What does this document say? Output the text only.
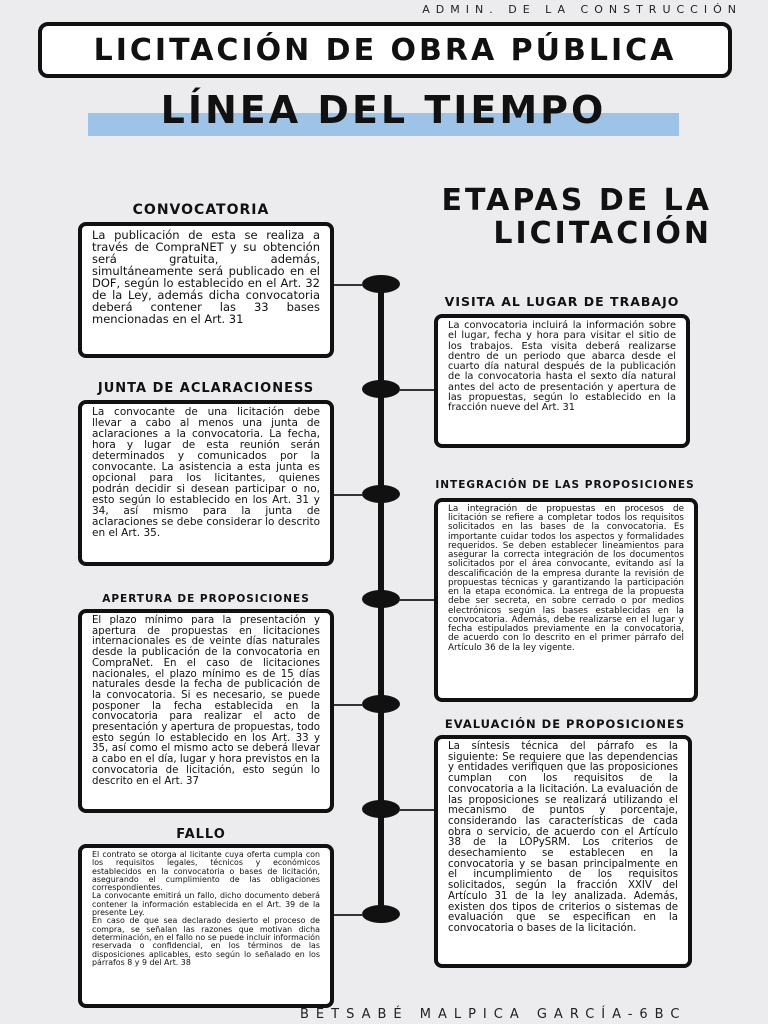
ADMIN. DE LA CONSTRUCCIÓN
LICITACIÓN DE OBRA PÚBLICA
LÍNEA DEL TIEMPO
ETAPAS DE LA
LICITACIÓN
CONVOCATORIA

La publicación de esta se realiza a través de CompraNET y su obtención será gratuita, además, simultáneamente será publicado en el DOF, según lo establecido en el Art. 32 de la Ley, además dicha convocatoria deberá contener las 33 bases mencionadas en el Art. 31

JUNTA DE ACLARACIONESS

La convocante de una licitación debe llevar a cabo al menos una junta de aclaraciones a la convocatoria. La fecha, hora y lugar de esta reunión serán determinados y comunicados por la convocante. La asistencia a esta junta es opcional para los licitantes, quienes podrán decidir si desean participar o no, esto según lo establecido en los Art. 31 y 34, así mismo para la junta de aclaraciones se debe considerar lo descrito en el Art. 35.

APERTURA DE PROPOSICIONES

El plazo mínimo para la presentación y apertura de propuestas en licitaciones internacionales es de veinte días naturales desde la publicación de la convocatoria en CompraNet. En el caso de licitaciones nacionales, el plazo mínimo es de 15 días naturales desde la fecha de publicación de la convocatoria. Si es necesario, se puede posponer la fecha establecida en la convocatoria para realizar el acto de presentación y apertura de propuestas, todo esto según lo establecido en los Art. 33 y 35, así como el mismo acto se deberá llevar a cabo en el día, lugar y hora previstos en la convocatoria de licitación, esto según lo descrito en el Art. 37

FALLO

El contrato se otorga al licitante cuya oferta cumpla con los requisitos legales, técnicos y económicos establecidos en la convocatoria o bases de licitación, asegurando el cumplimiento de las obligaciones correspondientes.

La convocante emitirá un fallo, dicho documento deberá contener la información establecida en el Art. 39 de la presente Ley.

En caso de que sea declarado desierto el proceso de compra, se señalan las razones que motivan dicha determinación, en el fallo no se puede incluir información reservada o confidencial, en los términos de las disposiciones aplicables, esto según lo señalado en los párrafos 8 y 9 del Art. 38

VISITA AL LUGAR DE TRABAJO

La convocatoria incluirá la información sobre el lugar, fecha y hora para visitar el sitio de los trabajos. Esta visita deberá realizarse dentro de un periodo que abarca desde el cuarto día natural después de la publicación de la convocatoria hasta el sexto día natural antes del acto de presentación y apertura de las propuestas, según lo establecido en la fracción nueve del Art. 31

INTEGRACIÓN DE LAS PROPOSICIONES

La integración de propuestas en procesos de licitación se refiere a completar todos los requisitos solicitados en las bases de la convocatoria. Es importante cuidar todos los aspectos y formalidades requeridos. Se deben establecer lineamientos para asegurar la correcta integración de los documentos solicitados por el área convocante, evitando así la descalificación de la empresa durante la revisión de propuestas técnicas y garantizando la participación en la etapa económica. La entrega de la propuesta debe ser secreta, en sobre cerrado o por medios electrónicos según las bases establecidas en la convocatoria. Además, debe realizarse en el lugar y fecha estipulados previamente en la convocatoria, de acuerdo con lo descrito en el primer párrafo del Artículo 36 de la ley vigente.

EVALUACIÓN DE PROPOSICIONES

La síntesis técnica del párrafo es la siguiente: Se requiere que las dependencias y entidades verifiquen que las proposiciones cumplan con los requisitos de la convocatoria a la licitación. La evaluación de las proposiciones se realizará utilizando el mecanismo de puntos y porcentaje, considerando las características de cada obra o servicio, de acuerdo con el Artículo 38 de la LOPySRM. Los criterios de desechamiento se establecen en la convocatoria y se basan principalmente en el incumplimiento de los requisitos solicitados, según la fracción XXIV del Artículo 31 de la ley analizada. Además, existen dos tipos de criterios o sistemas de evaluación que se especifican en la convocatoria o bases de la licitación.

BETSABÉ MALPICA GARCÍA-6BC
